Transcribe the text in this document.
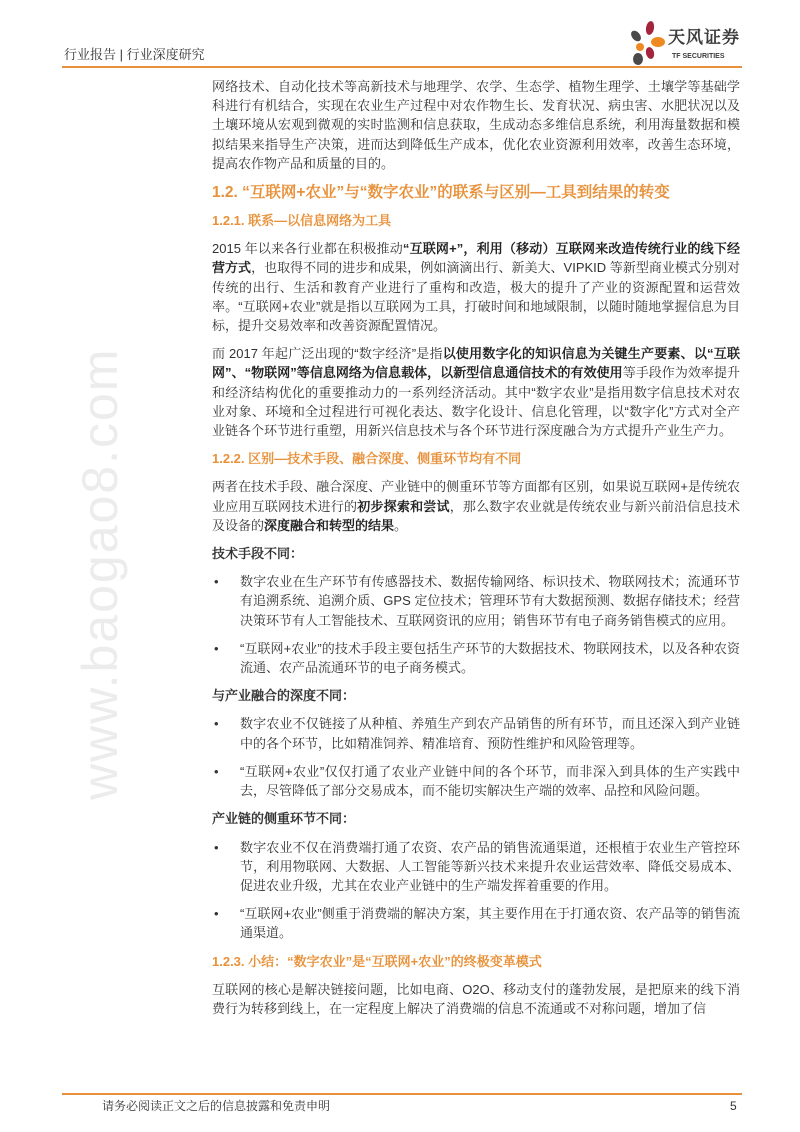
行业报告 | 行业深度研究
天风证券
TF SECURITIES

网络技术、自动化技术等高新技术与地理学、农学、生态学、植物生理学、土壤学等基础学科进行有机结合，实现在农业生产过程中对农作物生长、发育状况、病虫害、水肥状况以及土壤环境从宏观到微观的实时监测和信息获取，生成动态多维信息系统，利用海量数据和模拟结果来指导生产决策，进而达到降低生产成本，优化农业资源利用效率，改善生态环境，提高农作物产品和质量的目的。

1.2. “互联网+农业”与“数字农业”的联系与区别—工具到结果的转变
1.2.1. 联系—以信息网络为工具

2015 年以来各行业都在积极推动“互联网+”，利用（移动）互联网来改造传统行业的线下经营方式，也取得不同的进步和成果，例如滴滴出行、新美大、VIPKID 等新型商业模式分别对传统的出行、生活和教育产业进行了重构和改造，极大的提升了产业的资源配置和运营效率。“互联网+农业”就是指以互联网为工具，打破时间和地域限制，以随时随地掌握信息为目标，提升交易效率和改善资源配置情况。

而 2017 年起广泛出现的“数字经济”是指以使用数字化的知识信息为关键生产要素、以“互联网”、“物联网”等信息网络为信息载体，以新型信息通信技术的有效使用等手段作为效率提升和经济结构优化的重要推动力的一系列经济活动。其中“数字农业”是指用数字信息技术对农业对象、环境和全过程进行可视化表达、数字化设计、信息化管理，以“数字化”方式对全产业链各个环节进行重塑，用新兴信息技术与各个环节进行深度融合为方式提升产业生产力。

1.2.2. 区别—技术手段、融合深度、侧重环节均有不同

两者在技术手段、融合深度、产业链中的侧重环节等方面都有区别，如果说互联网+是传统农业应用互联网技术进行的初步探索和尝试，那么数字农业就是传统农业与新兴前沿信息技术及设备的深度融合和转型的结果。

技术手段不同：
• 数字农业在生产环节有传感器技术、数据传输网络、标识技术、物联网技术；流通环节有追溯系统、追溯介质、GPS 定位技术；管理环节有大数据预测、数据存储技术；经营决策环节有人工智能技术、互联网资讯的应用；销售环节有电子商务销售模式的应用。
• “互联网+农业”的技术手段主要包括生产环节的大数据技术、物联网技术，以及各种农资流通、农产品流通环节的电子商务模式。
与产业融合的深度不同：
• 数字农业不仅链接了从种植、养殖生产到农产品销售的所有环节，而且还深入到产业链中的各个环节，比如精准饲养、精准培育、预防性维护和风险管理等。
• “互联网+农业”仅仅打通了农业产业链中间的各个环节，而非深入到具体的生产实践中去，尽管降低了部分交易成本，而不能切实解决生产端的效率、品控和风险问题。
产业链的侧重环节不同：
• 数字农业不仅在消费端打通了农资、农产品的销售流通渠道，还根植于农业生产管控环节，利用物联网、大数据、人工智能等新兴技术来提升农业运营效率、降低交易成本、促进农业升级，尤其在农业产业链中的生产端发挥着重要的作用。
• “互联网+农业”侧重于消费端的解决方案，其主要作用在于打通农资、农产品等的销售流通渠道。
1.2.3. 小结：“数字农业”是“互联网+农业”的终极变革模式

互联网的核心是解决链接问题，比如电商、O2O、移动支付的蓬勃发展，是把原来的线下消费行为转移到线上，在一定程度上解决了消费端的信息不流通或不对称问题，增加了信

www.baogao8.com
请务必阅读正文之后的信息披露和免责申明	5
